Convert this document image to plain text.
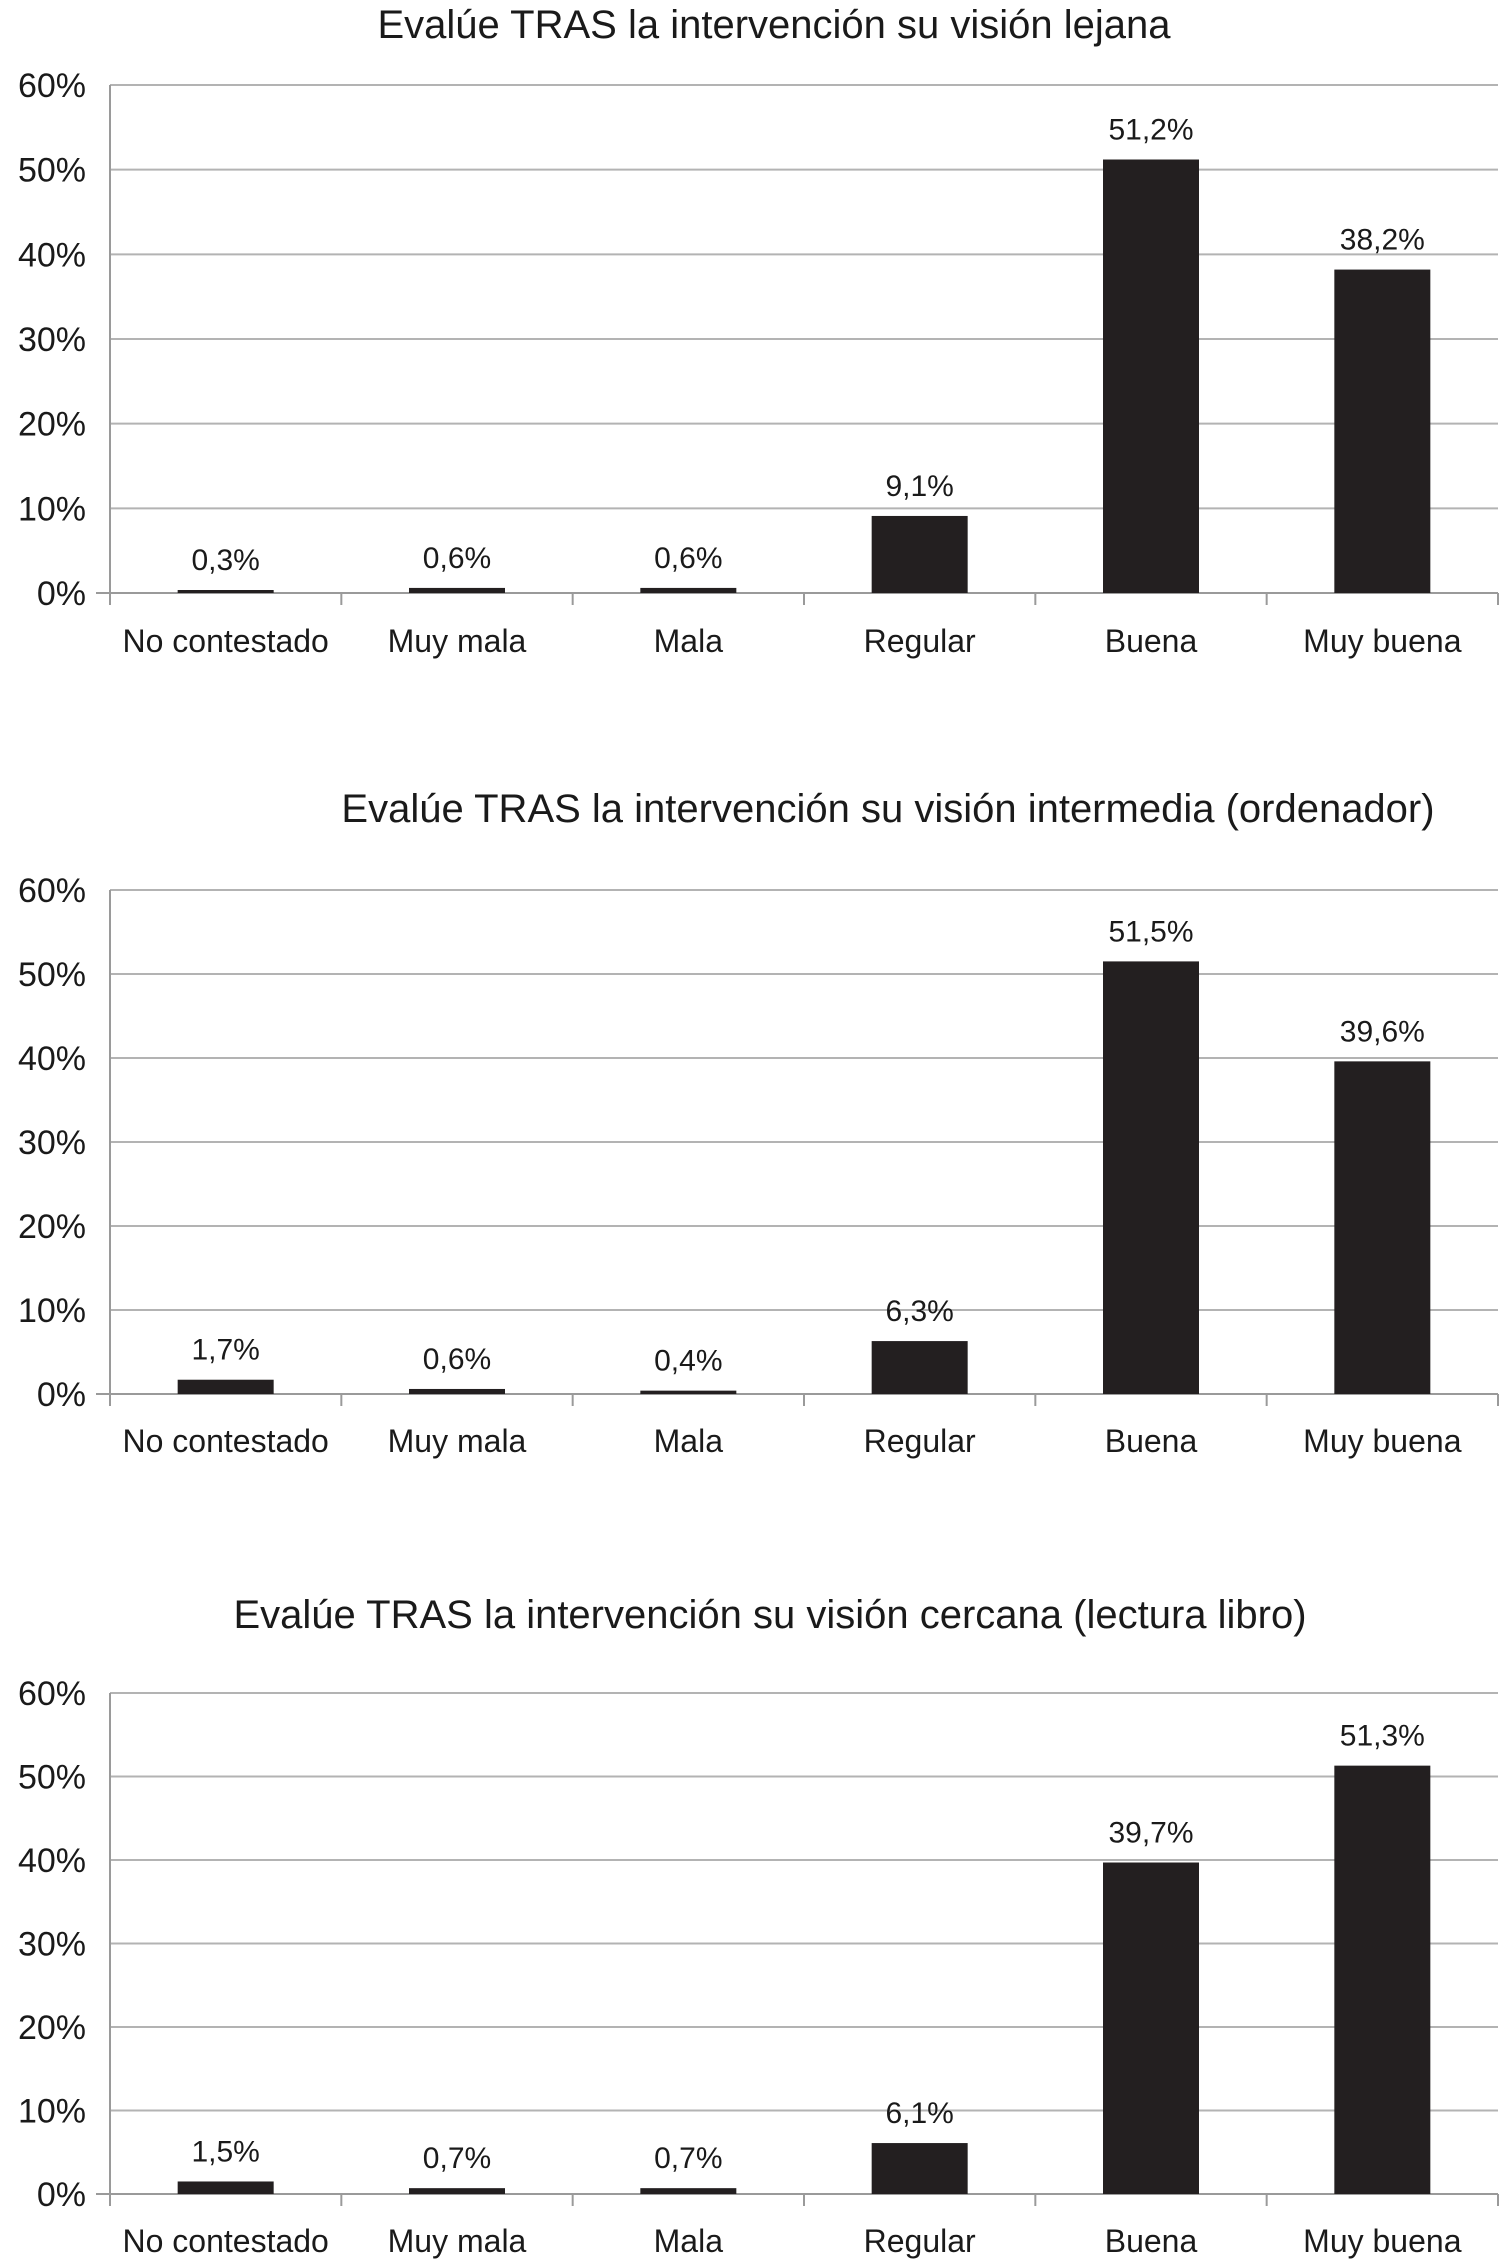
Evalúe TRAS la intervención su visión lejana
0%
10%
20%
30%
40%
50%
60%
0,3%
No contestado
0,6%
Muy mala
0,6%
Mala
9,1%
Regular
51,2%
Buena
38,2%
Muy buena
Evalúe TRAS la intervención su visión intermedia (ordenador)
0%
10%
20%
30%
40%
50%
60%
1,7%
No contestado
0,6%
Muy mala
0,4%
Mala
6,3%
Regular
51,5%
Buena
39,6%
Muy buena
Evalúe TRAS la intervención su visión cercana (lectura libro)
0%
10%
20%
30%
40%
50%
60%
1,5%
No contestado
0,7%
Muy mala
0,7%
Mala
6,1%
Regular
39,7%
Buena
51,3%
Muy buena
